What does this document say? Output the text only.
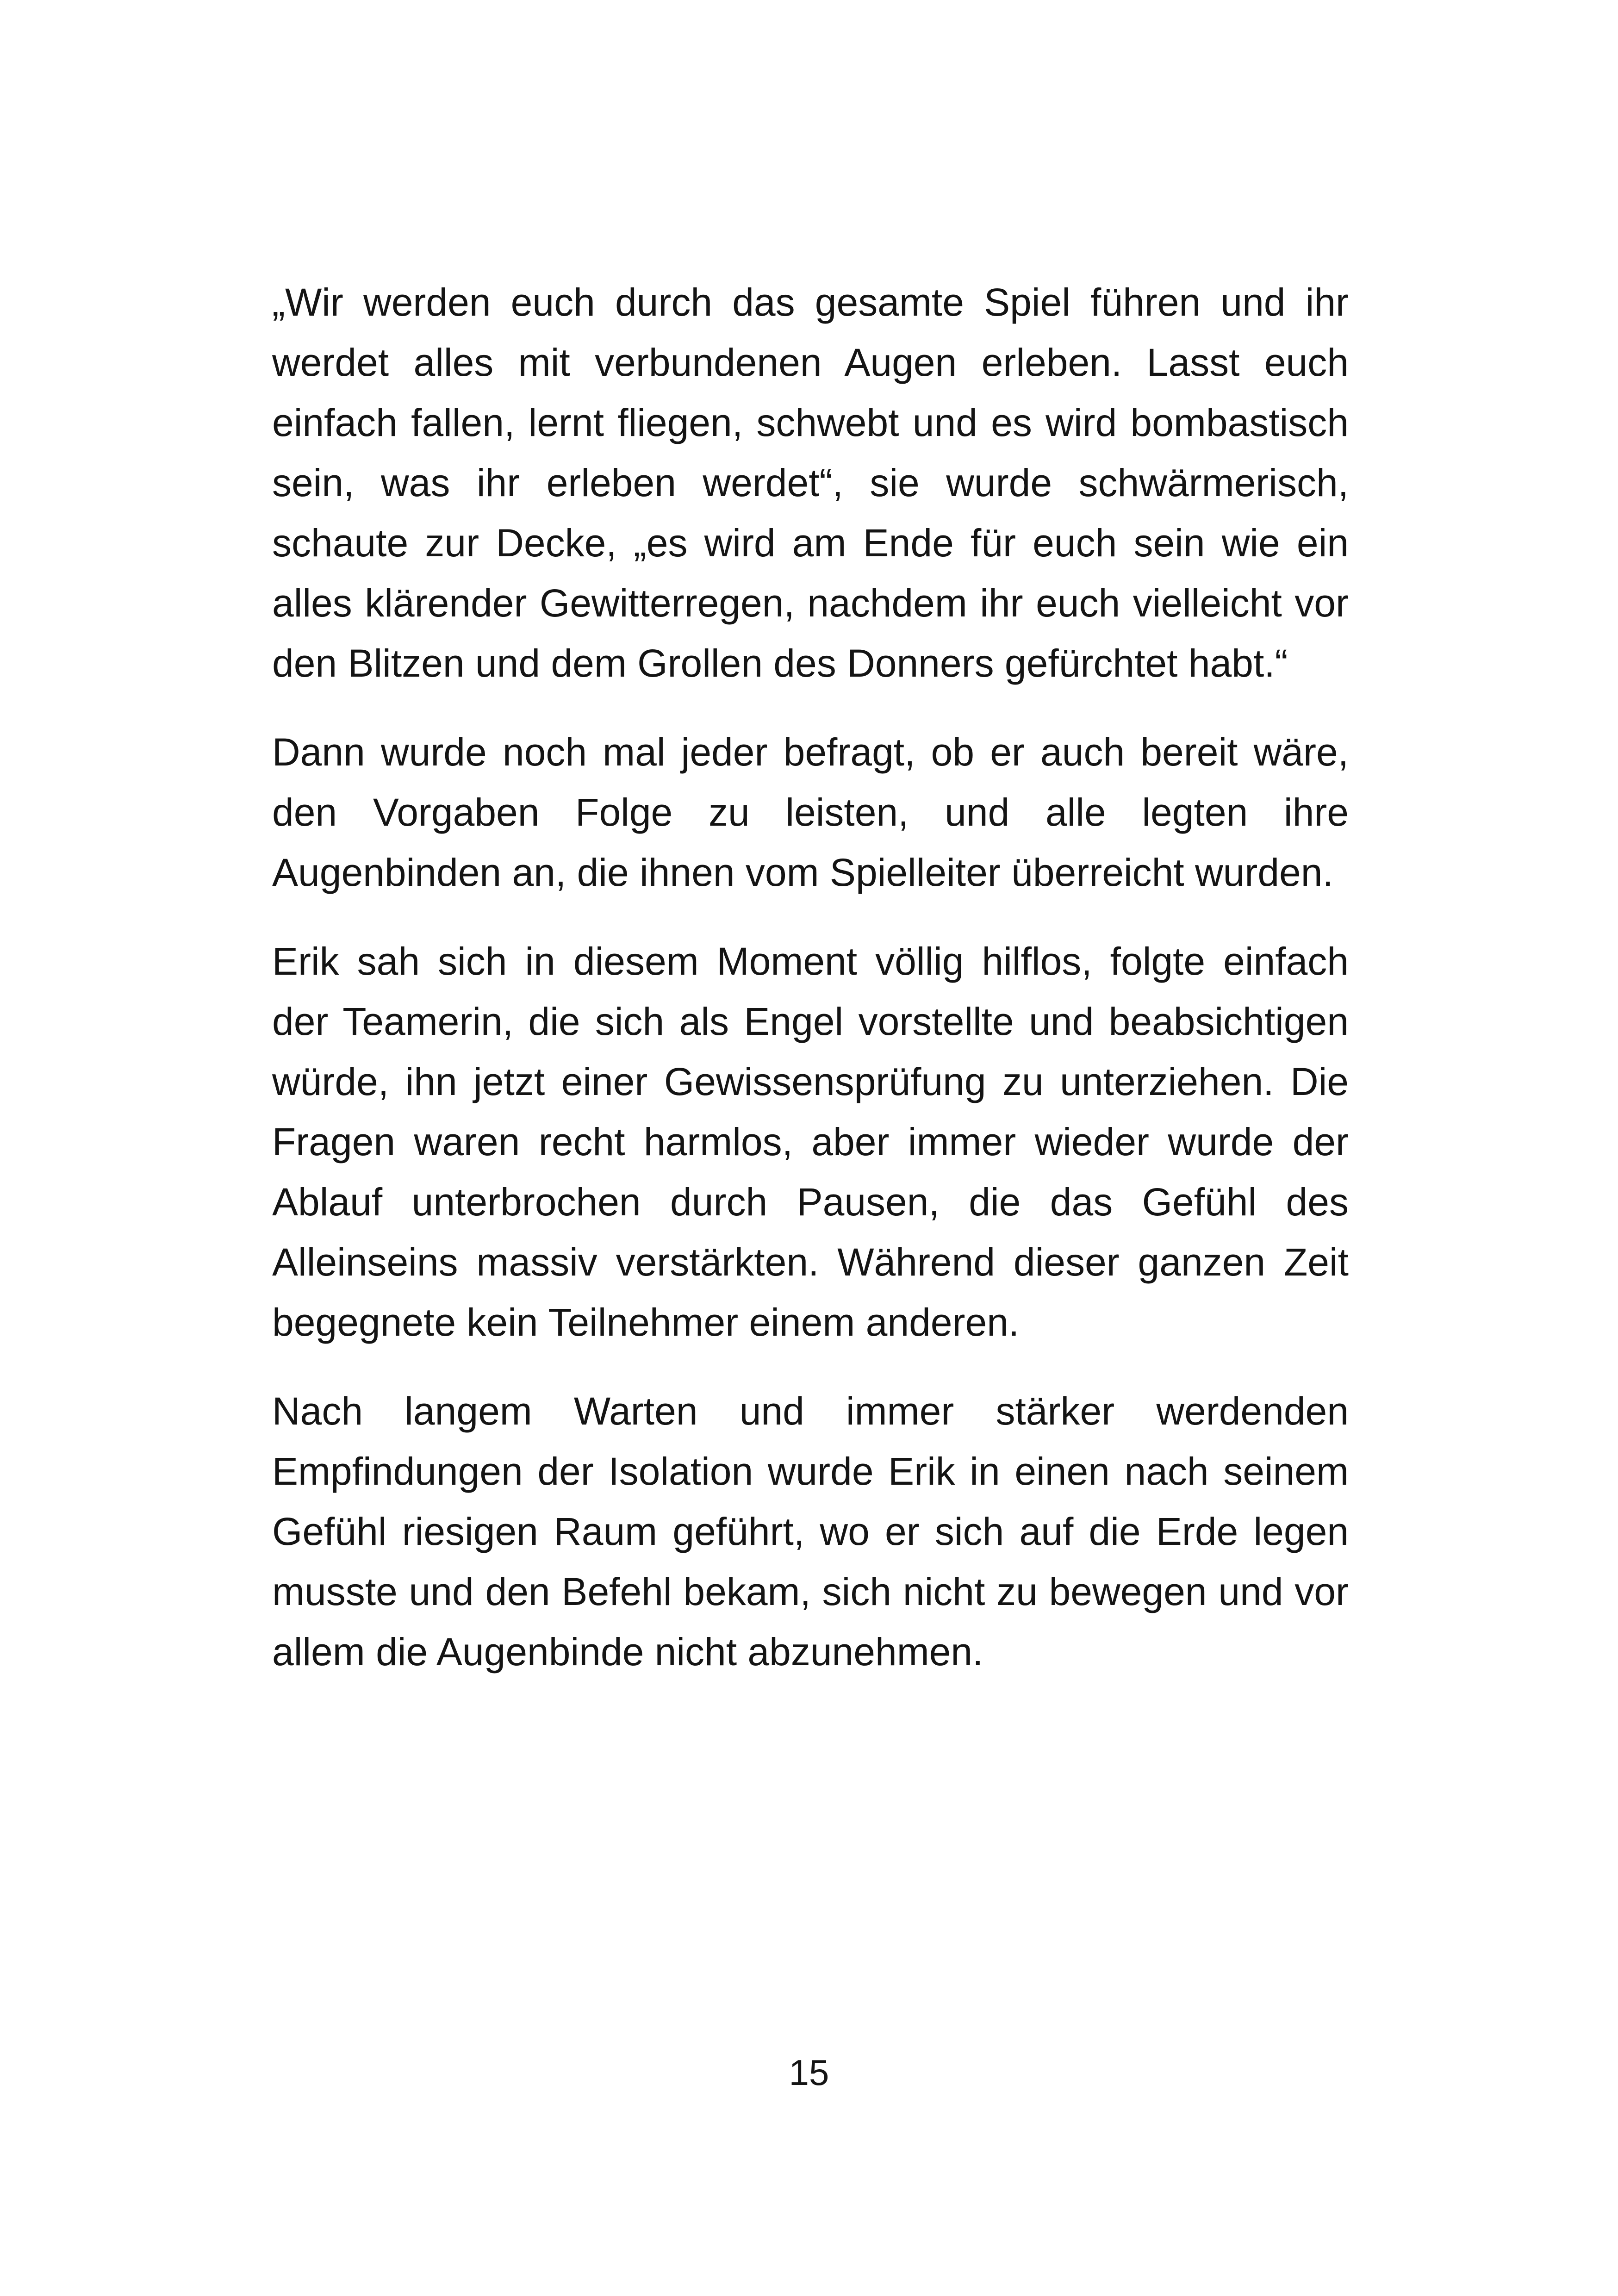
„Wir werden euch durch das gesamte Spiel führen und ihr werdet alles mit verbundenen Augen erleben. Lasst euch einfach fallen, lernt fliegen, schwebt und es wird bombastisch sein, was ihr erleben werdet“, sie wurde schwärmerisch, schaute zur Decke, „es wird am Ende für euch sein wie ein alles klärender Gewitterregen, nachdem ihr euch vielleicht vor den Blitzen und dem Grollen des Donners gefürchtet habt.“

Dann wurde noch mal jeder befragt, ob er auch bereit wäre, den Vorgaben Folge zu leisten, und alle legten ihre Augenbinden an, die ihnen vom Spielleiter überreicht wurden.

Erik sah sich in diesem Moment völlig hilflos, folgte einfach der Teamerin, die sich als Engel vorstellte und beabsichtigen würde, ihn jetzt einer Gewissensprüfung zu unterziehen. Die Fragen waren recht harmlos, aber immer wieder wurde der Ablauf unterbrochen durch Pausen, die das Gefühl des Alleinseins massiv verstärkten. Während dieser ganzen Zeit begegnete kein Teilnehmer einem anderen.

Nach langem Warten und immer stärker werdenden Empfindungen der Isolation wurde Erik in einen nach seinem Gefühl riesigen Raum geführt, wo er sich auf die Erde legen musste und den Befehl bekam, sich nicht zu bewegen und vor allem die Augenbinde nicht abzunehmen.

15
